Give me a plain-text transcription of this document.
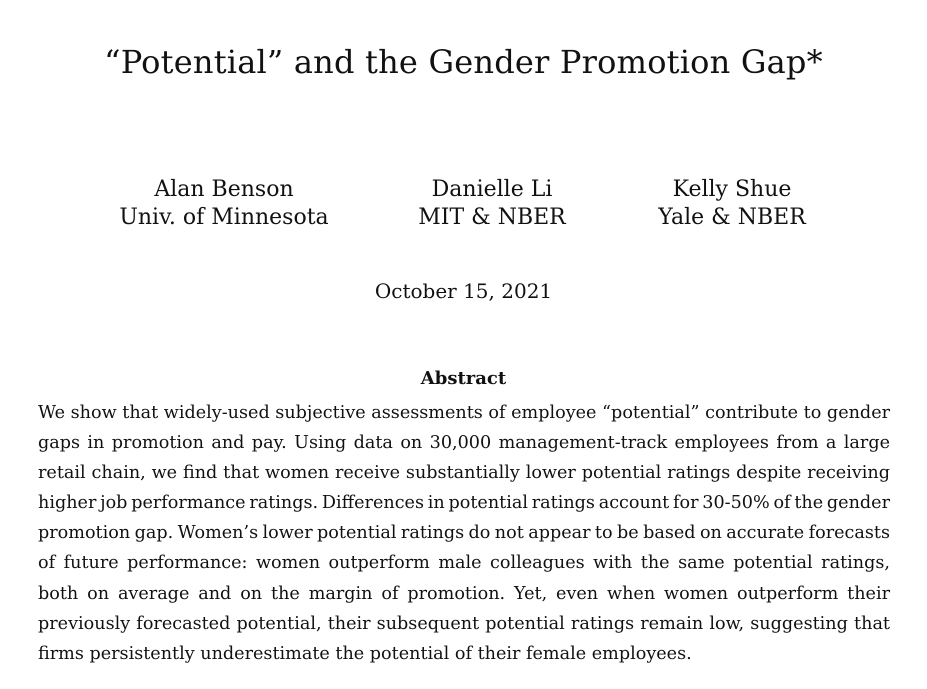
“Potential” and the Gender Promotion Gap*
Alan Benson
Univ. of Minnesota
Danielle Li
MIT & NBER
Kelly Shue
Yale & NBER
October 15, 2021
Abstract
We show that widely-used subjective assessments of employee “potential” contribute to gender
gaps in promotion and pay. Using data on 30,000 management-track employees from a large
retail chain, we find that women receive substantially lower potential ratings despite receiving
higher job performance ratings. Differences in potential ratings account for 30-50% of the gender
promotion gap. Women’s lower potential ratings do not appear to be based on accurate forecasts
of future performance: women outperform male colleagues with the same potential ratings,
both on average and on the margin of promotion. Yet, even when women outperform their
previously forecasted potential, their subsequent potential ratings remain low, suggesting that
firms persistently underestimate the potential of their female employees.
